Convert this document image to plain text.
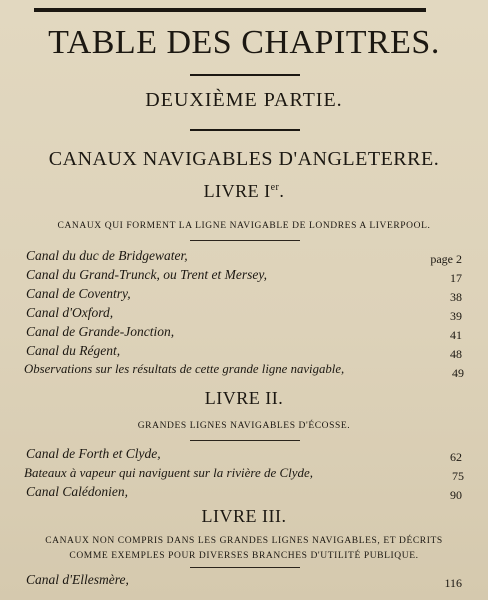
TABLE DES CHAPITRES.
DEUXIÈME PARTIE.
CANAUX NAVIGABLES D'ANGLETERRE.
LIVRE Ier.
CANAUX QUI FORMENT LA LIGNE NAVIGABLE DE LONDRES A LIVERPOOL.
Canal du duc de Bridgewater,	page 2
Canal du Grand-Trunck, ou Trent et Mersey,	17
Canal de Coventry,	38
Canal d'Oxford,	39
Canal de Grande-Jonction,	41
Canal du Régent,	48
Observations sur les résultats de cette grande ligne navigable,	49
LIVRE II.
GRANDES LIGNES NAVIGABLES D'ÉCOSSE.
Canal de Forth et Clyde,	62
Bateaux à vapeur qui naviguent sur la rivière de Clyde,	75
Canal Calédonien,	90
LIVRE III.
CANAUX NON COMPRIS DANS LES GRANDES LIGNES NAVIGABLES, ET DÉCRITS
COMME EXEMPLES POUR DIVERSES BRANCHES D'UTILITÉ PUBLIQUE.
Canal d'Ellesmère,	116
